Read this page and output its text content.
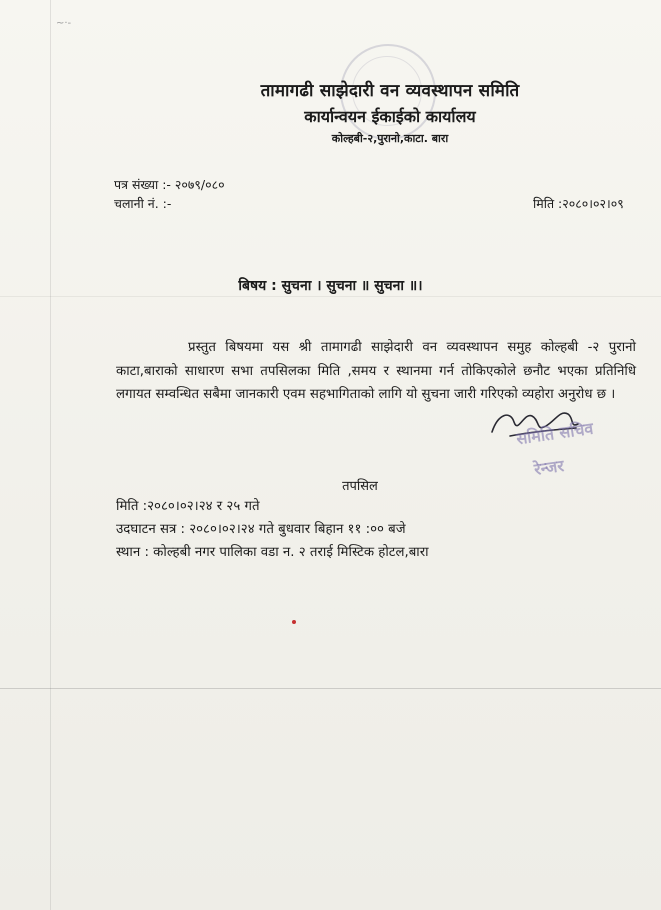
~·-
तामागढी साझेदारी वन व्यवस्थापन समिति
कार्यान्वयन ईकाईको कार्यालय
कोल्हबी-२,पुरानो,काटा. बारा
पत्र संख्या :- २०७९/०८०
चलानी नं. :-	मिति :२०८०।०२।०९
बिषय : सुचना । सुचना ॥ सुचना ॥।
प्रस्तुत बिषयमा यस श्री तामागढी साझेदारी वन व्यवस्थापन समुह कोल्हबी -२ पुरानो काटा,बाराको साधारण सभा तपसिलका मिति ,समय र स्थानमा गर्न तोकिएकोले छनौट भएका प्रतिनिधि लगायत सम्वन्धित सबैमा जानकारी एवम सहभागिताको लागि यो सुचना जारी गरिएको व्यहोरा अनुरोध छ ।
समिति सचिव
रेन्जर
तपसिल
मिति :२०८०।०२।२४ र २५ गते
उदघाटन सत्र : २०८०।०२।२४ गते बुधवार बिहान ११ :०० बजे
स्थान : कोल्हबी नगर पालिका वडा न. २ तराई मिस्टिक होटल,बारा
